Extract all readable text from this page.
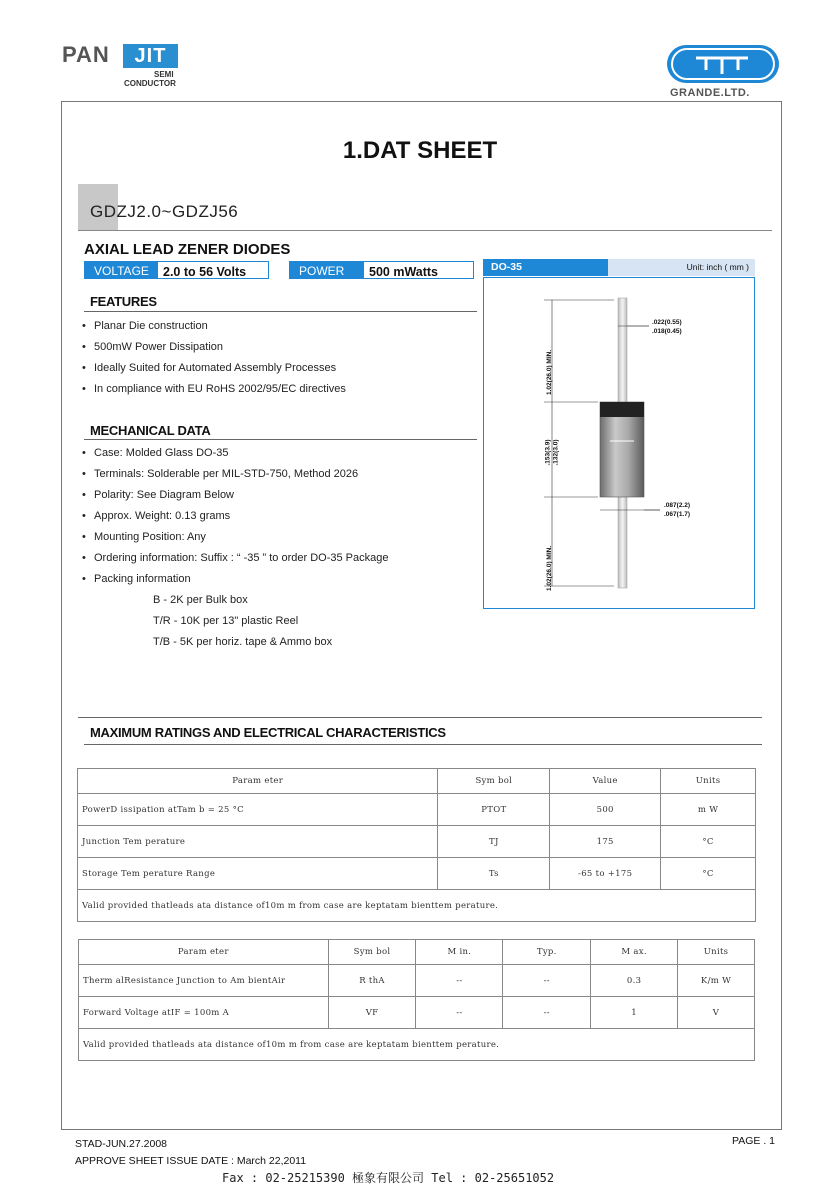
PAN	JIT
SEMI
CONDUCTOR
GRANDE.LTD.
1.DAT SHEET
GDZJ2.0~GDZJ56
AXIAL LEAD ZENER DIODES
VOLTAGE	2.0 to 56 Volts	POWER	500 mWatts
FEATURES
• Planar Die construction
• 500mW Power Dissipation
• Ideally Suited for Automated Assembly Processes
• In compliance with EU RoHS 2002/95/EC directives
MECHANICAL DATA
• Case: Molded Glass DO-35
• Terminals: Solderable per MIL-STD-750, Method 2026
• Polarity: See Diagram Below
• Approx. Weight: 0.13 grams
• Mounting Position: Any
• Ordering information: Suffix : “ -35 ” to order DO-35 Package
• Packing information
B - 2K per Bulk box
T/R - 10K per 13" plastic Reel
T/B - 5K per horiz. tape & Ammo box
DO-35	Unit: inch ( mm )
1.02(26.0) MIN.
.153(3.9) .132(3.0)
1.02(26.0) MIN.
.022(0.55)
.018(0.45)
.087(2.2)
.067(1.7)
MAXIMUM RATINGS AND ELECTRICAL CHARACTERISTICS
Param eter	Sym bol	Value	Units
PowerD issipation atTam b = 25 °C	PTOT	500	m W
Junction Tem perature	TJ	175	°C
Storage Tem perature Range	Ts	-65 to +175	°C
Valid provided thatleads ata distance of10m m from case are keptatam bienttem perature.			
Param eter	Sym bol	M in.	Typ.	M ax.	Units
Therm alResistance Junction to Am bientAir	R thA	--	--	0.3	K/m W
Forward Voltage atIF = 100m A	VF	--	--	1	V
Valid provided thatleads ata distance of10m m from case are keptatam bienttem perature.					
STAD-JUN.27.2008
APPROVE SHEET ISSUE DATE : March 22,2011
PAGE . 1
Fax : 02-25215390 極象有限公司 Tel : 02-25651052
